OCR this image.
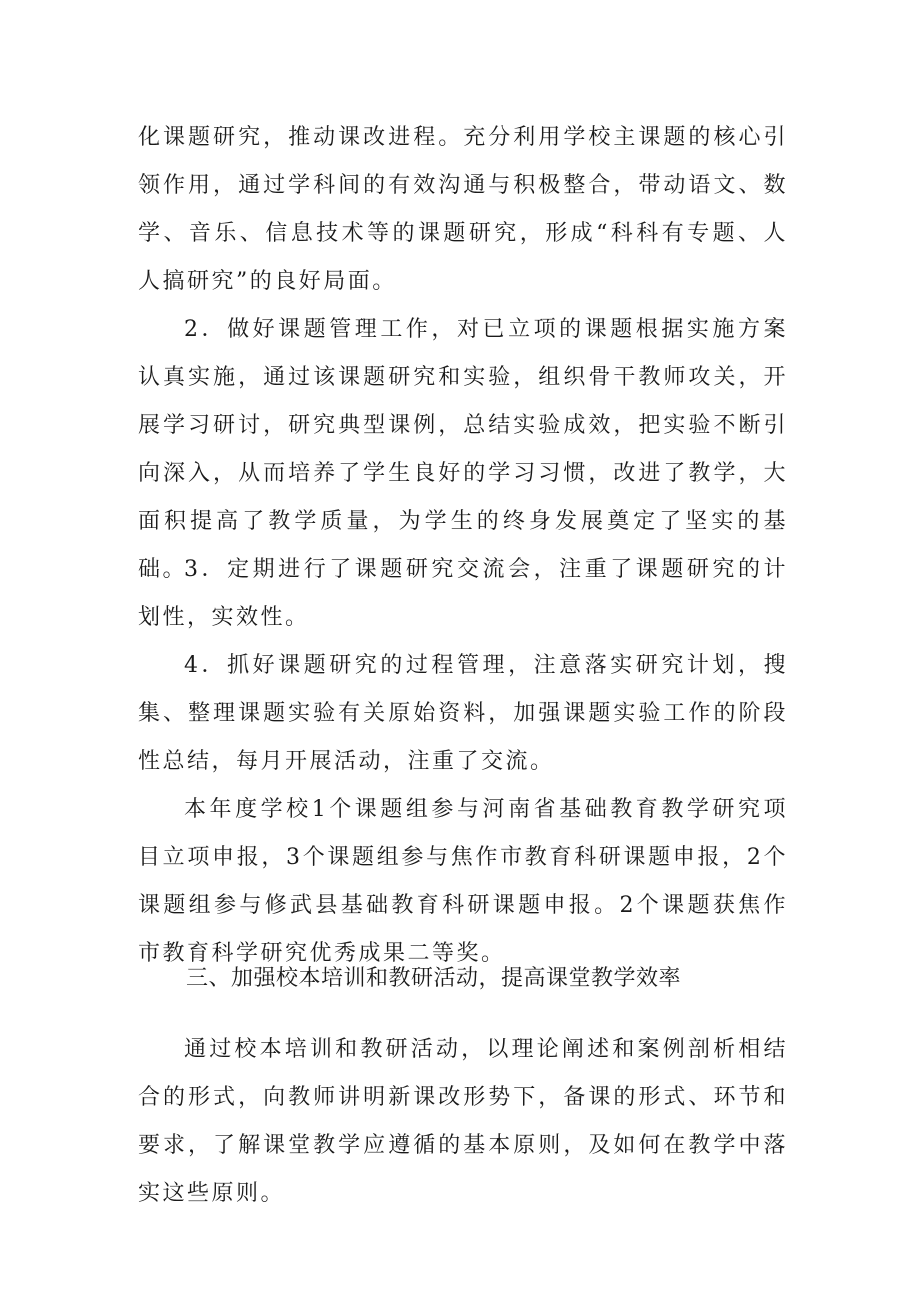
化课题研究，推动课改进程。充分利用学校主课题的核心引领作用，通过学科间的有效沟通与积极整合，带动语文、数学、音乐、信息技术等的课题研究，形成“科科有专题、人人搞研究”的良好局面。

2．做好课题管理工作，对已立项的课题根据实施方案认真实施，通过该课题研究和实验，组织骨干教师攻关，开展学习研讨，研究典型课例，总结实验成效，把实验不断引向深入，从而培养了学生良好的学习习惯，改进了教学，大面积提高了教学质量，为学生的终身发展奠定了坚实的基础。

3．定期进行了课题研究交流会，注重了课题研究的计划性，实效性。

4．抓好课题研究的过程管理，注意落实研究计划，搜集、整理课题实验有关原始资料，加强课题实验工作的阶段性总结，每月开展活动，注重了交流。

本年度学校1个课题组参与河南省基础教育教学研究项目立项申报，3个课题组参与焦作市教育科研课题申报，2个课题组参与修武县基础教育科研课题申报。2个课题获焦作市教育科学研究优秀成果二等奖。

三、加强校本培训和教研活动，提高课堂教学效率

通过校本培训和教研活动，以理论阐述和案例剖析相结合的形式，向教师讲明新课改形势下，备课的形式、环节和要求，了解课堂教学应遵循的基本原则，及如何在教学中落实这些原则。
